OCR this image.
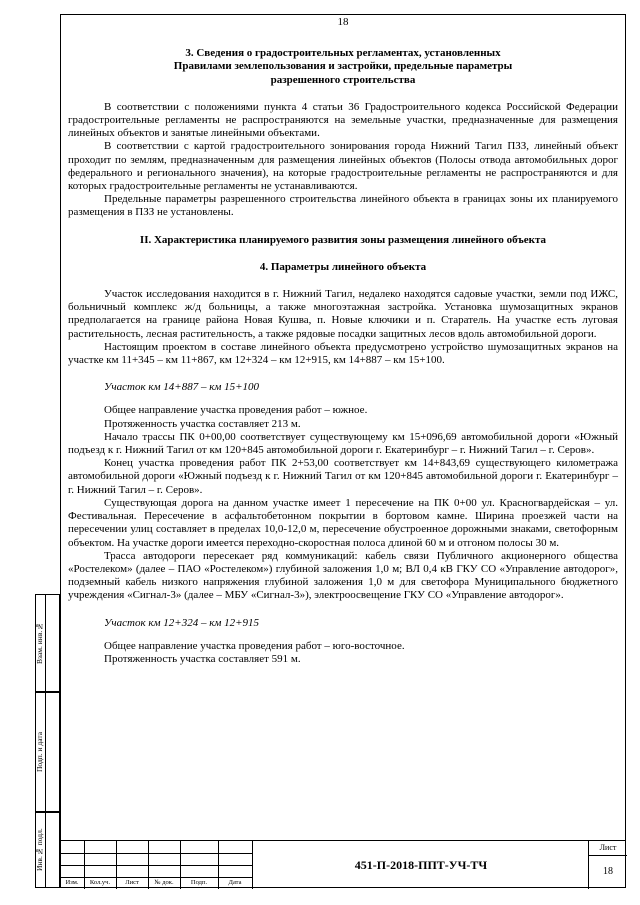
Взам. инв.№
Подп. и дата
Инв.№ подл.
18
3. Сведения о градостроительных регламентах, установленных Правилами землепользования и застройки, предельные параметры разрешенного строительства

В соответствии с положениями пункта 4 статьи 36 Градостроительного кодекса Российской Федерации градостроительные регламенты не распространяются на земельные участки, предназначенные для размещения линейных объектов и занятые линейными объектами.

В соответствии с картой градостроительного зонирования города Нижний Тагил ПЗЗ, линейный объект проходит по землям, предназначенным для размещения линейных объектов (Полосы отвода автомобильных дорог федерального и регионального значения), на которые градостроительные регламенты не распространяются и для которых градостроительные регламенты не устанавливаются.

Предельные параметры разрешенного строительства линейного объекта в границах зоны их планируемого размещения в ПЗЗ не установлены.

II. Характеристика планируемого развития зоны размещения линейного объекта
4. Параметры линейного объекта

Участок исследования находится в г. Нижний Тагил, недалеко находятся садовые участки, земли под ИЖС, больничный комплекс ж/д больницы, а также многоэтажная застройка. Установка шумозащитных экранов предполагается на границе района Новая Кушва, п. Новые ключики и п. Старатель. На участке есть луговая растительность, лесная растительность, а также рядовые посадки защитных лесов вдоль автомобильной дороги.

Настоящим проектом в составе линейного объекта предусмотрено устройство шумозащитных экранов на участке км 11+345 – км 11+867, км 12+324 – км 12+915, км 14+887 – км 15+100.

Участок км 14+887 – км 15+100

Общее направление участка проведения работ – южное.

Протяженность участка составляет 213 м.

Начало трассы ПК 0+00,00 соответствует существующему км 15+096,69 автомобильной дороги «Южный подъезд к г. Нижний Тагил от км 120+845 автомобильной дороги г. Екатеринбург – г. Нижний Тагил – г. Серов».

Конец участка проведения работ ПК 2+53,00 соответствует км 14+843,69 существующего километража автомобильной дороги «Южный подъезд к г. Нижний Тагил от км 120+845 автомобильной дороги г. Екатеринбург – г. Нижний Тагил – г. Серов».

Существующая дорога на данном участке имеет 1 пересечение на ПК 0+00 ул. Красногвардейская – ул. Фестивальная. Пересечение в асфальтобетонном покрытии в бортовом камне. Ширина проезжей части на пересечении улиц составляет в пределах 10,0-12,0 м, пересечение обустроенное дорожными знаками, светофорным объектом. На участке дороги имеется переходно-скоростная полоса длиной 60 м и отгоном полосы 30 м.

Трасса автодороги пересекает ряд коммуникаций: кабель связи Публичного акционерного общества «Ростелеком» (далее – ПАО «Ростелеком») глубиной заложения 1,0 м; ВЛ 0,4 кВ ГКУ СО «Управление автодорог», подземный кабель низкого напряжения глубиной заложения 1,0 м для светофора Муниципального бюджетного учреждения «Сигнал-3» (далее – МБУ «Сигнал-3»), электроосвещение ГКУ СО «Управление автодорог».

Участок км 12+324 – км 12+915

Общее направление участка проведения работ – юго-восточное.

Протяженность участка составляет 591 м.

Изм.	Кол.уч.	Лист	№ док.	Подп.	Дата
451-П-2018-ППТ-УЧ-ТЧ
Лист
18
